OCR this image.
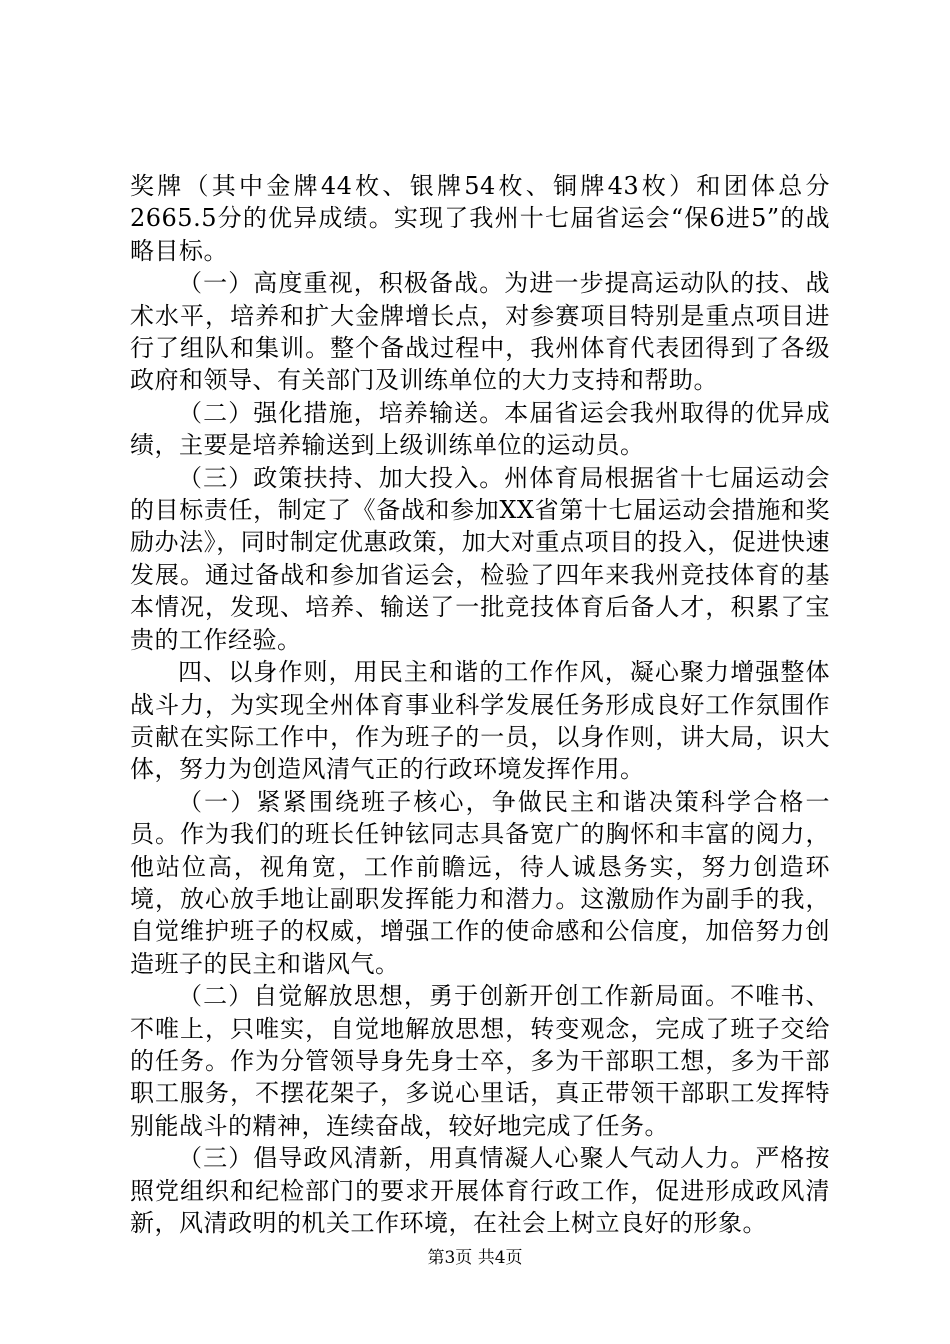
奖牌（其中金牌44枚、银牌54枚、铜牌43枚）和团体总分2665.5分的优异成绩。实现了我州十七届省运会“保6进5”的战略目标。

（一）高度重视，积极备战。为进一步提高运动队的技、战术水平，培养和扩大金牌增长点，对参赛项目特别是重点项目进行了组队和集训。整个备战过程中，我州体育代表团得到了各级政府和领导、有关部门及训练单位的大力支持和帮助。

（二）强化措施，培养输送。本届省运会我州取得的优异成绩，主要是培养输送到上级训练单位的运动员。

（三）政策扶持、加大投入。州体育局根据省十七届运动会的目标责任，制定了《备战和参加XX省第十七届运动会措施和奖励办法》，同时制定优惠政策，加大对重点项目的投入，促进快速发展。通过备战和参加省运会，检验了四年来我州竞技体育的基本情况，发现、培养、输送了一批竞技体育后备人才，积累了宝贵的工作经验。

四、以身作则，用民主和谐的工作作风，凝心聚力增强整体战斗力，为实现全州体育事业科学发展任务形成良好工作氛围作贡献在实际工作中，作为班子的一员，以身作则，讲大局，识大体，努力为创造风清气正的行政环境发挥作用。

（一）紧紧围绕班子核心，争做民主和谐决策科学合格一员。作为我们的班长任钟铉同志具备宽广的胸怀和丰富的阅力，他站位高，视角宽，工作前瞻远，待人诚恳务实，努力创造环境，放心放手地让副职发挥能力和潜力。这激励作为副手的我，自觉维护班子的权威，增强工作的使命感和公信度，加倍努力创造班子的民主和谐风气。

（二）自觉解放思想，勇于创新开创工作新局面。不唯书、不唯上，只唯实，自觉地解放思想，转变观念，完成了班子交给的任务。作为分管领导身先身士卒，多为干部职工想，多为干部职工服务，不摆花架子，多说心里话，真正带领干部职工发挥特别能战斗的精神，连续奋战，较好地完成了任务。

（三）倡导政风清新，用真情凝人心聚人气动人力。严格按照党组织和纪检部门的要求开展体育行政工作，促进形成政风清新，风清政明的机关工作环境，在社会上树立良好的形象。

第3页 共4页
